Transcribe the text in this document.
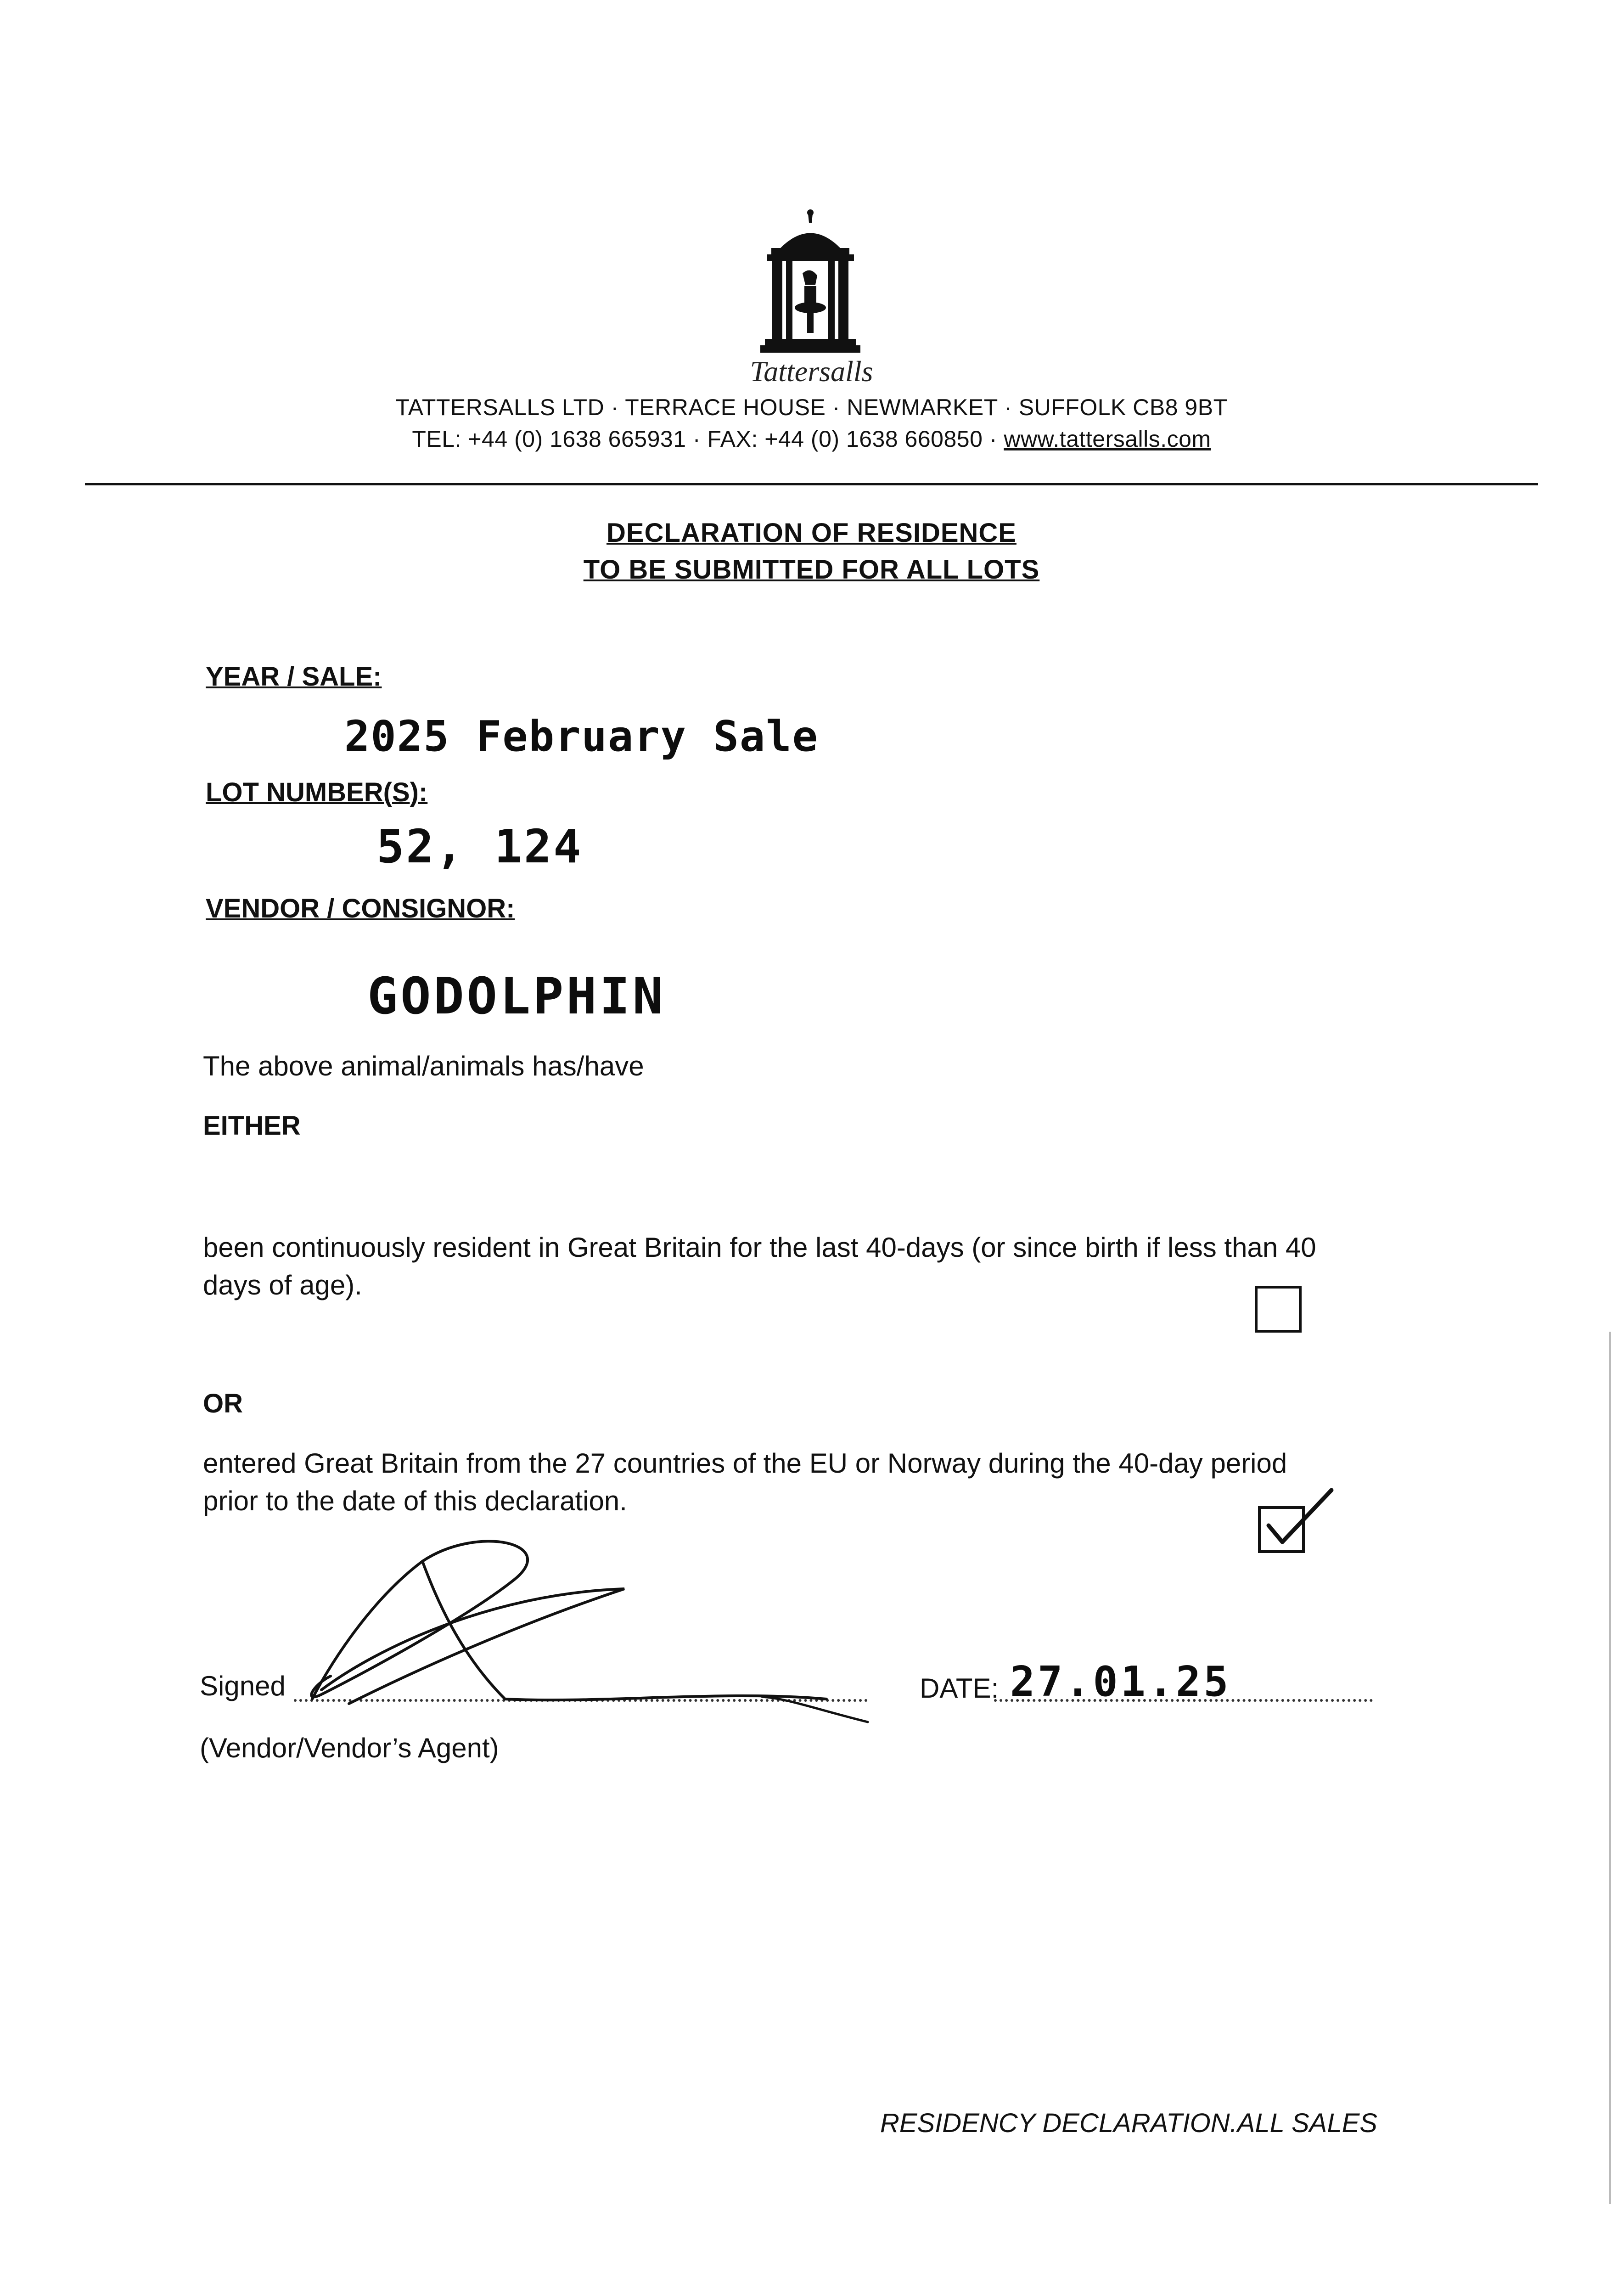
Tattersalls
TATTERSALLS LTD · TERRACE HOUSE · NEWMARKET · SUFFOLK CB8 9BT
TEL: +44 (0) 1638 665931 · FAX: +44 (0) 1638 660850 · www.tattersalls.com
DECLARATION OF RESIDENCE
TO BE SUBMITTED FOR ALL LOTS
YEAR / SALE:
2025 February Sale
LOT NUMBER(S):
52, 124
VENDOR / CONSIGNOR:
GODOLPHIN
The above animal/animals has/have
EITHER
been continuously resident in Great Britain for the last 40-days (or since birth if less than 40
days of age).
OR
entered Great Britain from the 27 countries of the EU or Norway during the 40-day period
prior to the date of this declaration.
Signed
(Vendor/Vendor’s Agent)
DATE: 27.01.25
RESIDENCY DECLARATION.ALL SALES
